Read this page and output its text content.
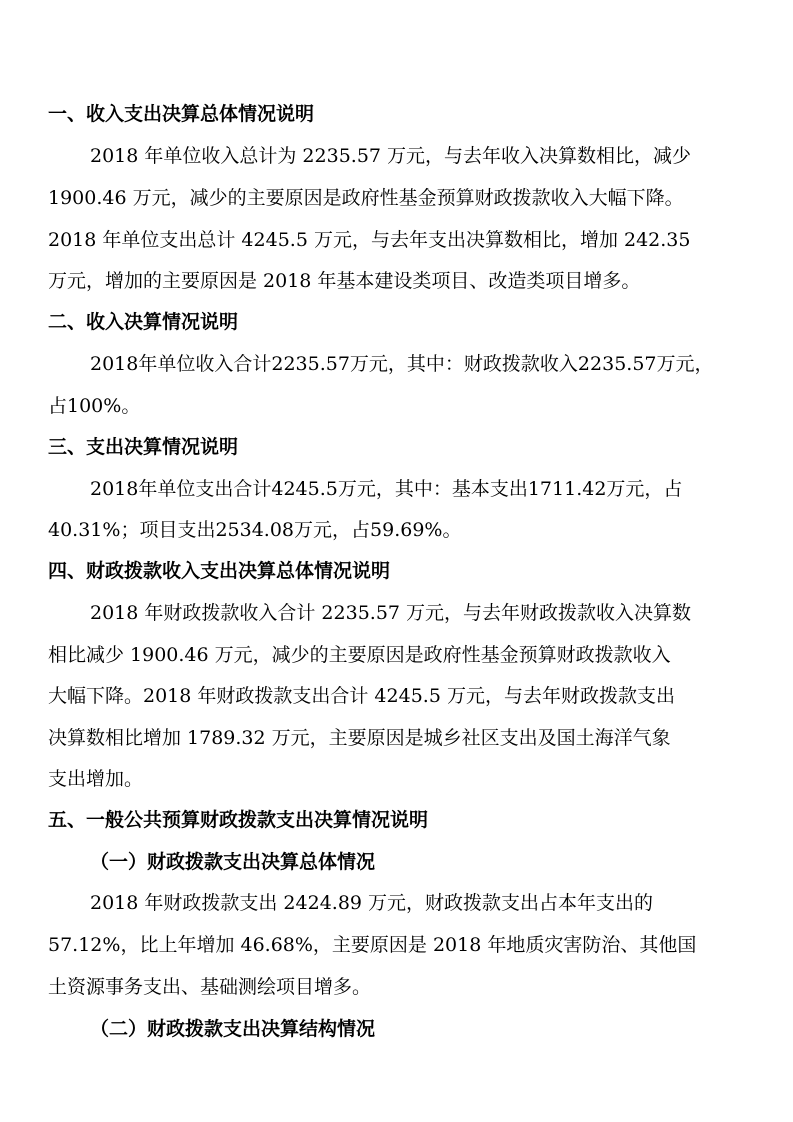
一、收入支出决算总体情况说明
2018 年单位收入总计为 2235.57 万元，与去年收入决算数相比，减少
1900.46 万元，减少的主要原因是政府性基金预算财政拨款收入大幅下降。
2018 年单位支出总计 4245.5 万元，与去年支出决算数相比，增加 242.35
万元，增加的主要原因是 2018 年基本建设类项目、改造类项目增多。
二、收入决算情况说明
2018年单位收入合计2235.57万元，其中：财政拨款收入2235.57万元，
占100%。
三、支出决算情况说明
2018年单位支出合计4245.5万元，其中：基本支出1711.42万元，占
40.31%；项目支出2534.08万元，占59.69%。
四、财政拨款收入支出决算总体情况说明
2018 年财政拨款收入合计 2235.57 万元，与去年财政拨款收入决算数
相比减少 1900.46 万元，减少的主要原因是政府性基金预算财政拨款收入
大幅下降。2018 年财政拨款支出合计 4245.5 万元，与去年财政拨款支出
决算数相比增加 1789.32 万元，主要原因是城乡社区支出及国土海洋气象
支出增加。
五、一般公共预算财政拨款支出决算情况说明
（一）财政拨款支出决算总体情况
2018 年财政拨款支出 2424.89 万元，财政拨款支出占本年支出的
57.12%，比上年增加 46.68%，主要原因是 2018 年地质灾害防治、其他国
土资源事务支出、基础测绘项目增多。
（二）财政拨款支出决算结构情况
